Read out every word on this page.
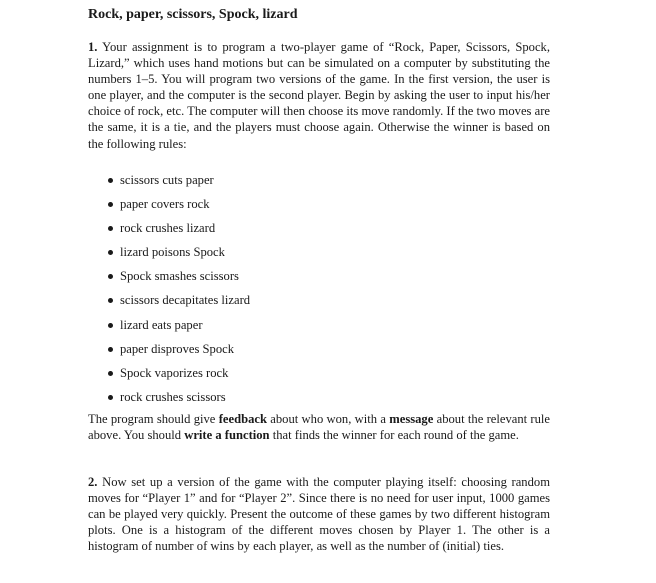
Rock, paper, scissors, Spock, lizard
1. Your assignment is to program a two-player game of “Rock, Paper, Scissors, Spock, Lizard,” which uses hand motions but can be simulated on a computer by substituting the numbers 1–5. You will program two versions of the game. In the first version, the user is one player, and the computer is the second player. Begin by asking the user to input his/her choice of rock, etc. The computer will then choose its move randomly. If the two moves are the same, it is a tie, and the players must choose again. Otherwise the winner is based on the following rules:
scissors cuts paper
paper covers rock
rock crushes lizard
lizard poisons Spock
Spock smashes scissors
scissors decapitates lizard
lizard eats paper
paper disproves Spock
Spock vaporizes rock
rock crushes scissors
The program should give feedback about who won, with a message about the relevant rule above. You should write a function that finds the winner for each round of the game.
2. Now set up a version of the game with the computer playing itself: choosing random moves for “Player 1” and for “Player 2”. Since there is no need for user input, 1000 games can be played very quickly. Present the outcome of these games by two different histogram plots. One is a histogram of the different moves chosen by Player 1. The other is a histogram of number of wins by each player, as well as the number of (initial) ties.
